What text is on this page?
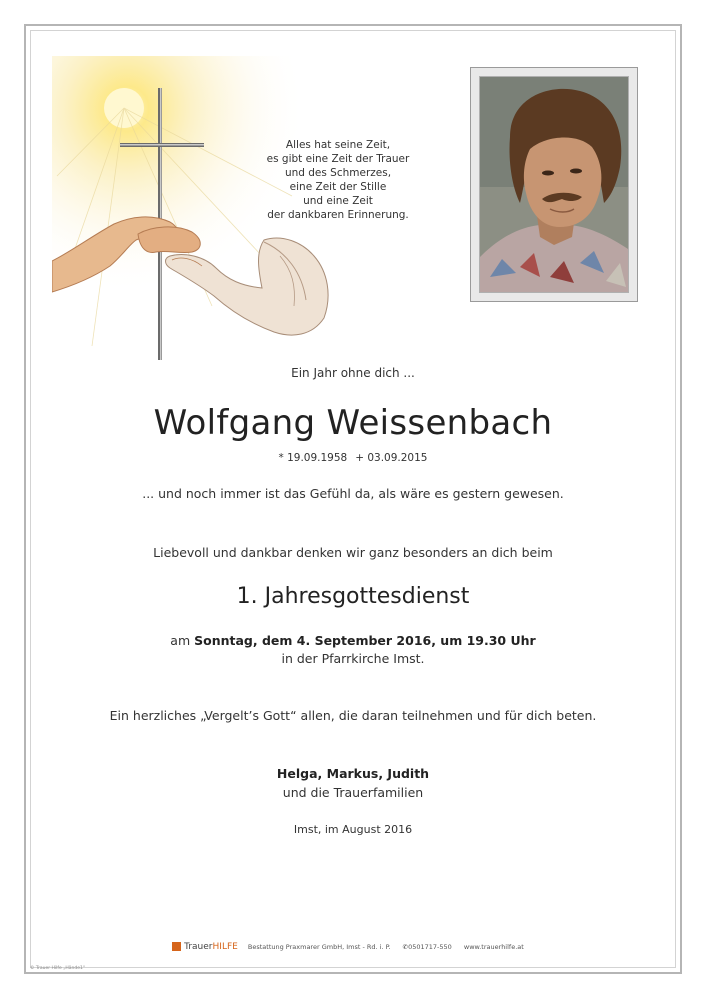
Alles hat seine Zeit,
es gibt eine Zeit der Trauer
und des Schmerzes,
eine Zeit der Stille
und eine Zeit
der dankbaren Erinnerung.
Ein Jahr ohne dich ...
Wolfgang Weissenbach
* 19.09.1958 + 03.09.2015
... und noch immer ist das Gefühl da, als wäre es gestern gewesen.
Liebevoll und dankbar denken wir ganz besonders an dich beim
1. Jahresgottesdienst
am Sonntag, dem 4. September 2016, um 19.30 Uhr
in der Pfarrkirche Imst.
Ein herzliches „Vergelt’s Gott“ allen, die daran teilnehmen und für dich beten.
Helga, Markus, Judith
und die Trauerfamilien
Imst, im August 2016
TrauerHILFE Bestattung Praxmarer GmbH, Imst - Rd. i. P. ✆0501717-550 www.trauerhilfe.at
© Trauer Hilfe „Hände1“
